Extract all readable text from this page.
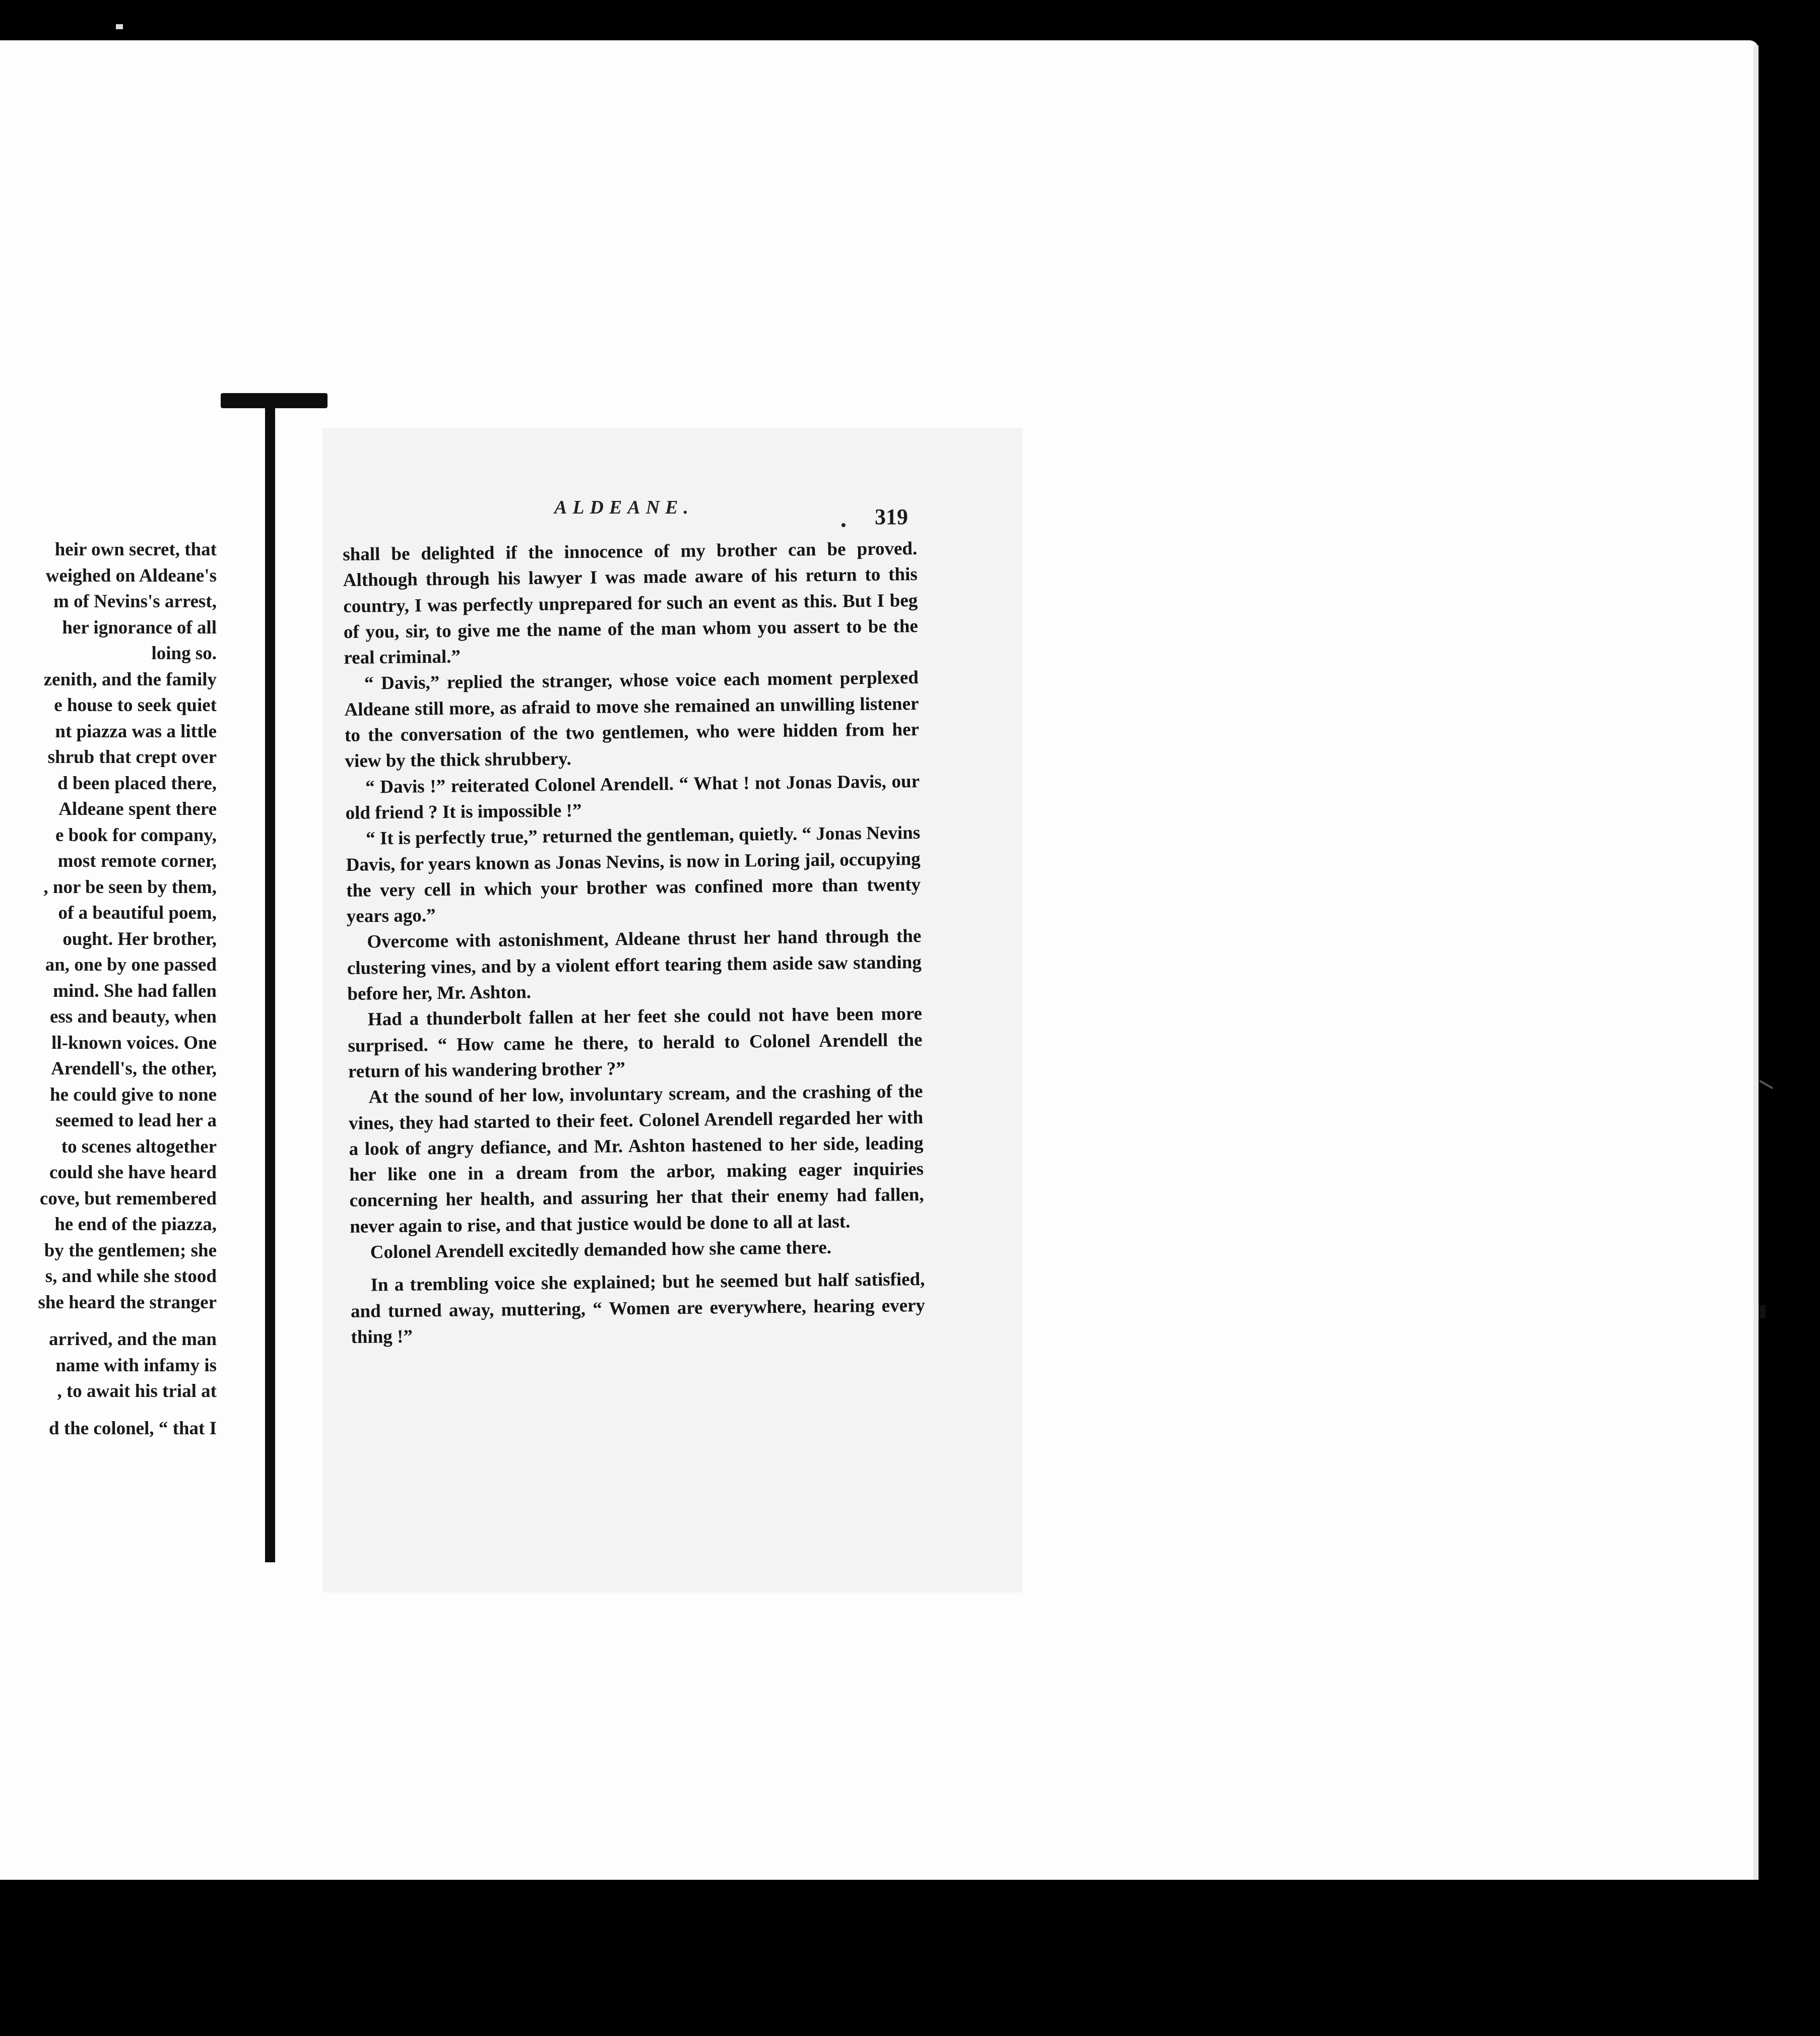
heir own secret, that
weighed on Aldeane's
m of Nevins's arrest,
her ignorance of all
loing so.
zenith, and the family
e house to seek quiet
nt piazza was a little
shrub that crept over
d been placed there,
Aldeane spent there
e book for company,
most remote corner,
, nor be seen by them,
of a beautiful poem,
ought. Her brother,
an, one by one passed
mind. She had fallen
ess and beauty, when
ll-known voices. One
Arendell's, the other,
he could give to none
seemed to lead her a
to scenes altogether
could she have heard
cove, but remembered
he end of the piazza,
by the gentlemen; she
s, and while she stood
she heard the stranger
arrived, and the man
name with infamy is
, to await his trial at
d the colonel, “ that I
ALDEANE.	319

shall be delighted if the innocence of my brother can be proved. Although through his lawyer I was made aware of his return to this country, I was perfectly unprepared for such an event as this. But I beg of you, sir, to give me the name of the man whom you assert to be the real criminal.”

“ Davis,” replied the stranger, whose voice each moment perplexed Aldeane still more, as afraid to move she remained an unwilling listener to the conversation of the two gentlemen, who were hidden from her view by the thick shrubbery.

“ Davis !” reiterated Colonel Arendell. “ What ! not Jonas Davis, our old friend ? It is impossible !”

“ It is perfectly true,” returned the gentleman, quietly. “ Jonas Nevins Davis, for years known as Jonas Nevins, is now in Loring jail, occupying the very cell in which your brother was confined more than twenty years ago.”

Overcome with astonishment, Aldeane thrust her hand through the clustering vines, and by a violent effort tearing them aside saw standing before her, Mr. Ashton.

Had a thunderbolt fallen at her feet she could not have been more surprised. “ How came he there, to herald to Colonel Arendell the return of his wandering brother ?”

At the sound of her low, involuntary scream, and the crashing of the vines, they had started to their feet. Colonel Arendell regarded her with a look of angry defiance, and Mr. Ashton hastened to her side, leading her like one in a dream from the arbor, making eager inquiries concerning her health, and assuring her that their enemy had fallen, never again to rise, and that justice would be done to all at last.

Colonel Arendell excitedly demanded how she came there.

In a trembling voice she explained; but he seemed but half satisfied, and turned away, muttering, “ Women are everywhere, hearing every thing !”
